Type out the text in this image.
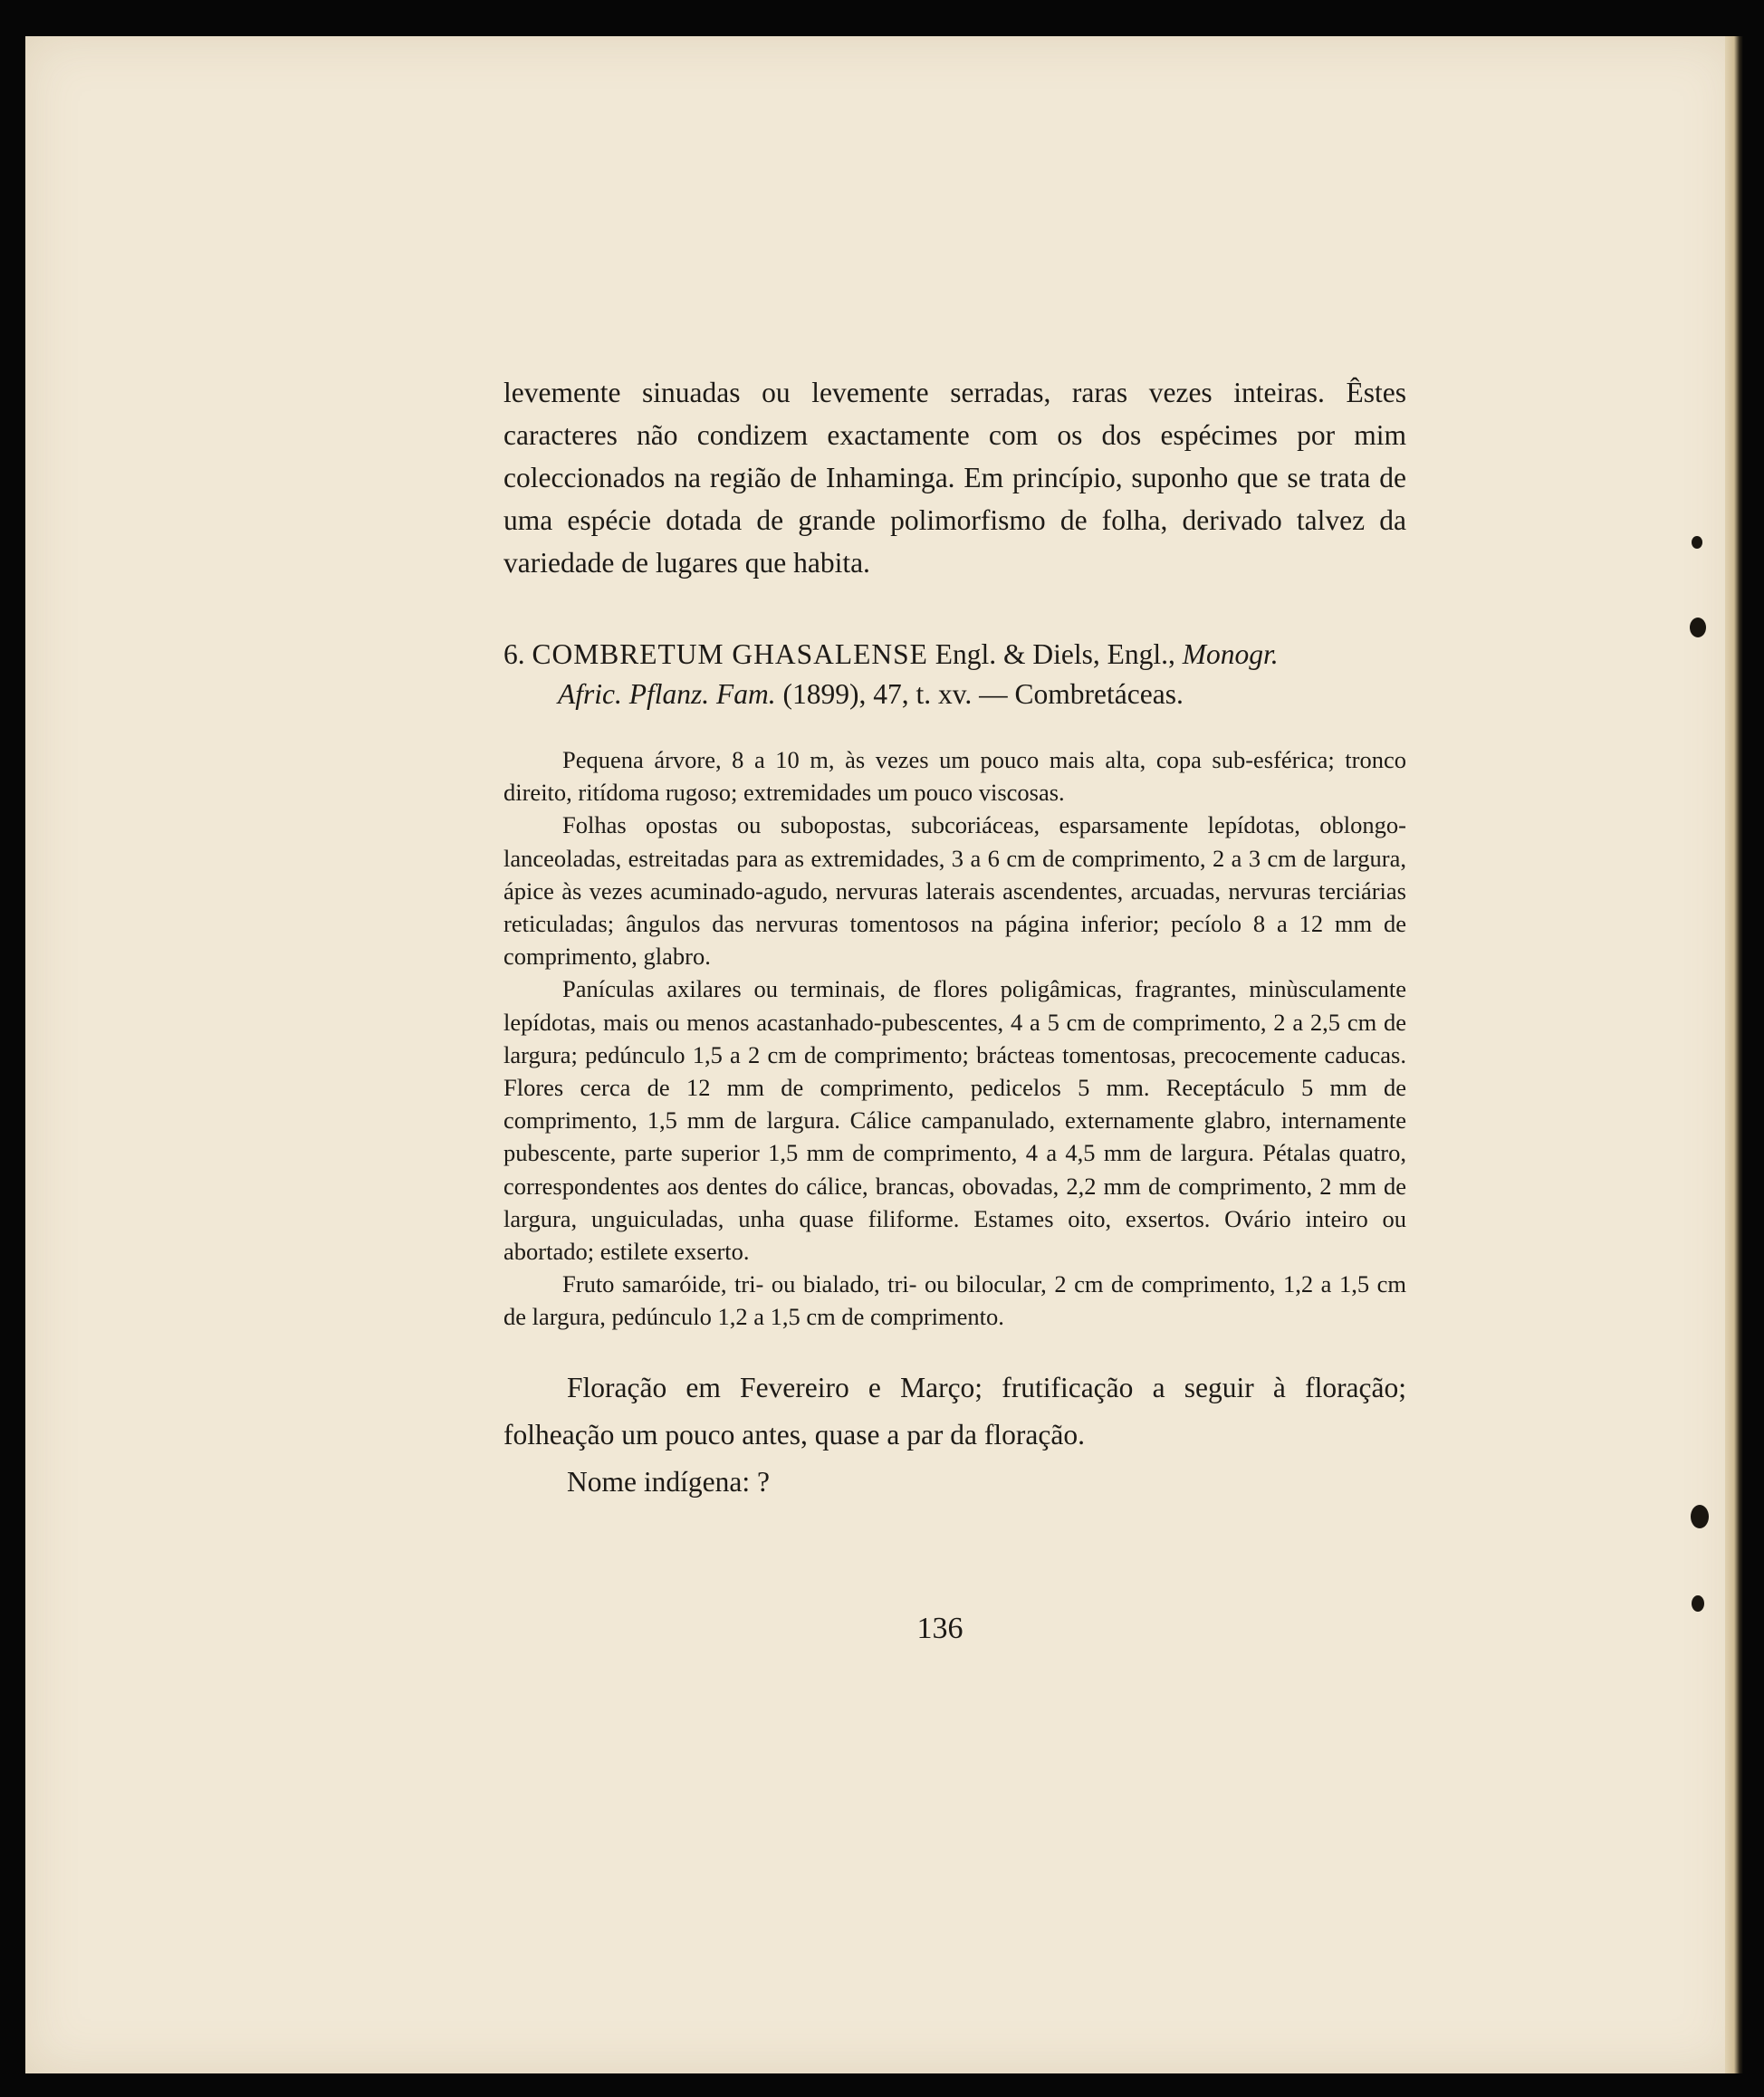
levemente sinuadas ou levemente serradas, raras vezes inteiras. Êstes caracteres não condizem exactamente com os dos espécimes por mim coleccionados na região de Inhaminga. Em princípio, suponho que se trata de uma espécie dotada de grande polimorfismo de folha, derivado talvez da variedade de lugares que habita.

6. COMBRETUM GHASALENSE Engl. & Diels, Engl., Monogr.
Afric. Pflanz. Fam. (1899), 47, t. xv. — Combretáceas.

Pequena árvore, 8 a 10 m, às vezes um pouco mais alta, copa sub-esférica; tronco direito, ritídoma rugoso; extremidades um pouco viscosas.

Folhas opostas ou subopostas, subcoriáceas, esparsamente lepídotas, oblongo-lanceoladas, estreitadas para as extremidades, 3 a 6 cm de comprimento, 2 a 3 cm de largura, ápice às vezes acuminado-agudo, nervuras laterais ascendentes, arcuadas, nervuras terciárias reticuladas; ângulos das nervuras tomentosos na página inferior; pecíolo 8 a 12 mm de comprimento, glabro.

Panículas axilares ou terminais, de flores poligâmicas, fragrantes, minùsculamente lepídotas, mais ou menos acastanhado-pubescentes, 4 a 5 cm de comprimento, 2 a 2,5 cm de largura; pedúnculo 1,5 a 2 cm de comprimento; brácteas tomentosas, precocemente caducas. Flores cerca de 12 mm de comprimento, pedicelos 5 mm. Receptáculo 5 mm de comprimento, 1,5 mm de largura. Cálice campanulado, externamente glabro, internamente pubescente, parte superior 1,5 mm de comprimento, 4 a 4,5 mm de largura. Pétalas quatro, correspondentes aos dentes do cálice, brancas, obovadas, 2,2 mm de comprimento, 2 mm de largura, unguiculadas, unha quase filiforme. Estames oito, exsertos. Ovário inteiro ou abortado; estilete exserto.

Fruto samaróide, tri- ou bialado, tri- ou bilocular, 2 cm de comprimento, 1,2 a 1,5 cm de largura, pedúnculo 1,2 a 1,5 cm de comprimento.

Floração em Fevereiro e Março; frutificação a seguir à floração; folheação um pouco antes, quase a par da floração.

Nome indígena: ?

136
